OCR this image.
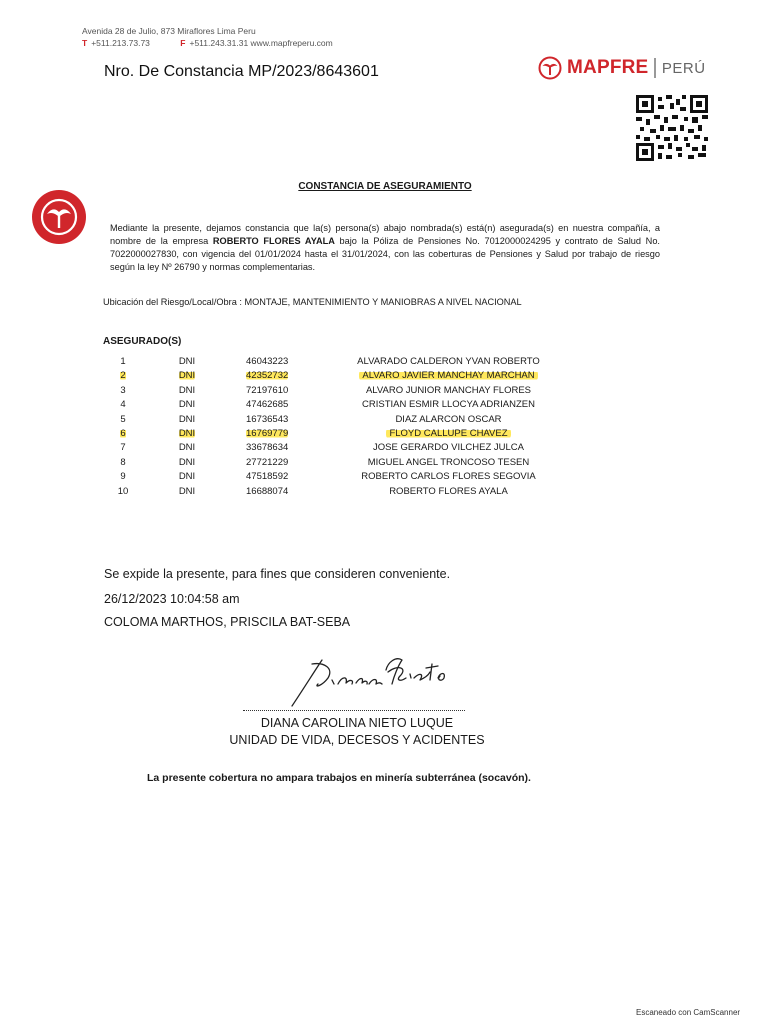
Avenida 28 de Julio, 873 Miraflores Lima Peru
T +511.213.73.73	F +511.243.31.31 www.mapfreperu.com
Nro. De Constancia MP/2023/8643601	MAPFRE PERÚ
CONSTANCIA DE ASEGURAMIENTO
Mediante la presente, dejamos constancia que la(s) persona(s) abajo nombrada(s) está(n) asegurada(s) en nuestra compañía, a nombre de la empresa ROBERTO FLORES AYALA bajo la Póliza de Pensiones No. 7012000024295 y contrato de Salud No. 7022000027830, con vigencia del 01/01/2024 hasta el 31/01/2024, con las coberturas de Pensiones y Salud por trabajo de riesgo según la ley Nº 26790 y normas complementarias.
Ubicación del Riesgo/Local/Obra : MONTAJE, MANTENIMIENTO Y MANIOBRAS A NIVEL NACIONAL
ASEGURADO(S)
1	DNI	46043223	ALVARADO CALDERON YVAN ROBERTO
2	DNI	42352732	ALVARO JAVIER MANCHAY MARCHAN
3	DNI	72197610	ALVARO JUNIOR MANCHAY FLORES
4	DNI	47462685	CRISTIAN ESMIR LLOCYA ADRIANZEN
5	DNI	16736543	DIAZ ALARCON OSCAR
6	DNI	16769779	FLOYD CALLUPE CHAVEZ
7	DNI	33678634	JOSE GERARDO VILCHEZ JULCA
8	DNI	27721229	MIGUEL ANGEL TRONCOSO TESEN
9	DNI	47518592	ROBERTO CARLOS FLORES SEGOVIA
10	DNI	16688074	ROBERTO FLORES AYALA
Se expide la presente, para fines que consideren conveniente.
26/12/2023 10:04:58 am
COLOMA MARTHOS, PRISCILA BAT-SEBA
DIANA CAROLINA NIETO LUQUE
UNIDAD DE VIDA, DECESOS Y ACIDENTES
La presente cobertura no ampara trabajos en minería subterránea (socavón).
Escaneado con CamScanner
